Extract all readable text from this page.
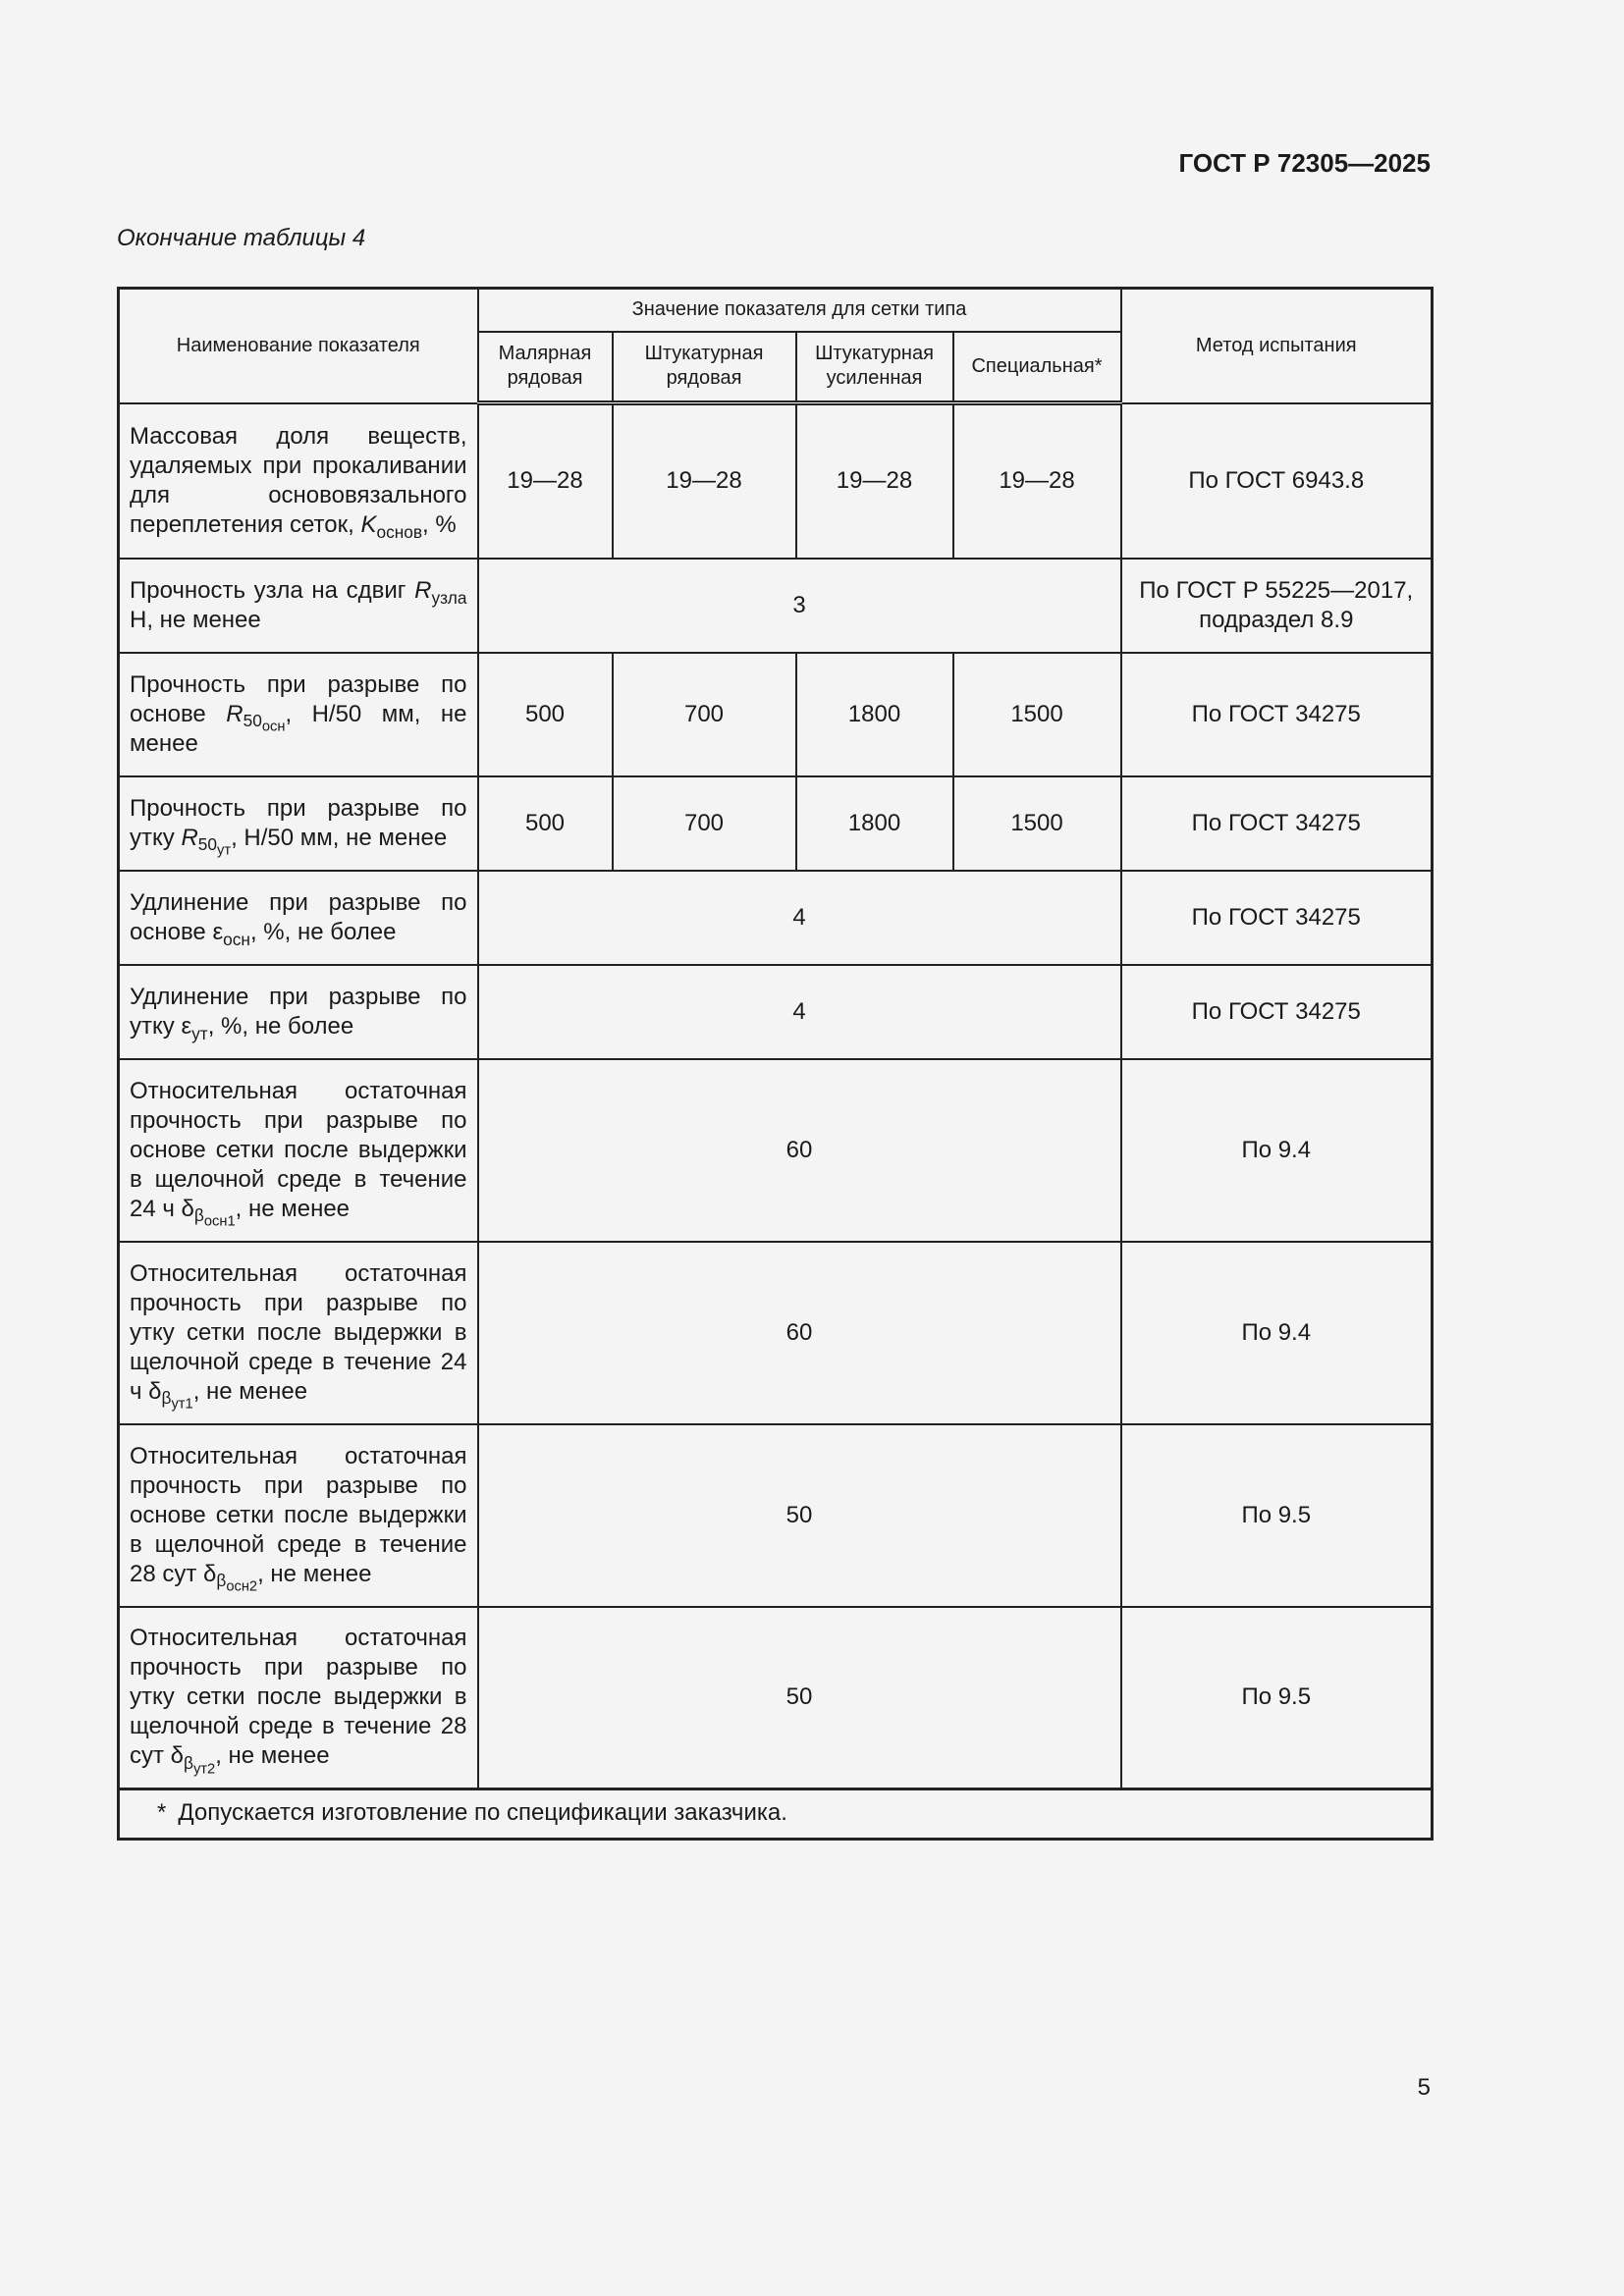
ГОСТ Р 72305—2025

Окончание таблицы 4

Наименование показателя	Значение показателя для сетки типа				Метод испытания
	Малярная рядовая	Штукатурная рядовая	Штукатурная усиленная	Специальная*	
Массовая доля веществ, удаляемых при прокаливании для основовязального переплетения сеток, $K_{основ}$, %	19—28	19—28	19—28	19—28	По ГОСТ 6943.8
Прочность узла на сдвиг $R_{узла}$ Н, не менее	3				По ГОСТ Р 55225—2017, подраздел 8.9
Прочность при разрыве по основе $R_{50_{осн}}$, Н/50 мм, не менее	500	700	1800	1500	По ГОСТ 34275
Прочность при разрыве по утку $R_{50_{ут}}$, Н/50 мм, не менее	500	700	1800	1500	По ГОСТ 34275
Удлинение при разрыве по основе $\varepsilon_{осн}$, %, не более	4				По ГОСТ 34275
Удлинение при разрыве по утку $\varepsilon_{ут}$, %, не более	4				По ГОСТ 34275
Относительная остаточная прочность при разрыве по основе сетки после выдержки в щелочной среде в течение 24 ч $\delta_{\beta_{осн1}}$, не менее	60				По 9.4
Относительная остаточная прочность при разрыве по утку сетки после выдержки в щелочной среде в течение 24 ч $\delta_{\beta_{ут1}}$, не менее	60				По 9.4
Относительная остаточная прочность при разрыве по основе сетки после выдержки в щелочной среде в течение 28 сут $\delta_{\beta_{осн2}}$, не менее	50				По 9.5
Относительная остаточная прочность при разрыве по утку сетки после выдержки в щелочной среде в течение 28 сут $\delta_{\beta_{ут2}}$, не менее	50				По 9.5
* Допускается изготовление по спецификации заказчика.					

5
